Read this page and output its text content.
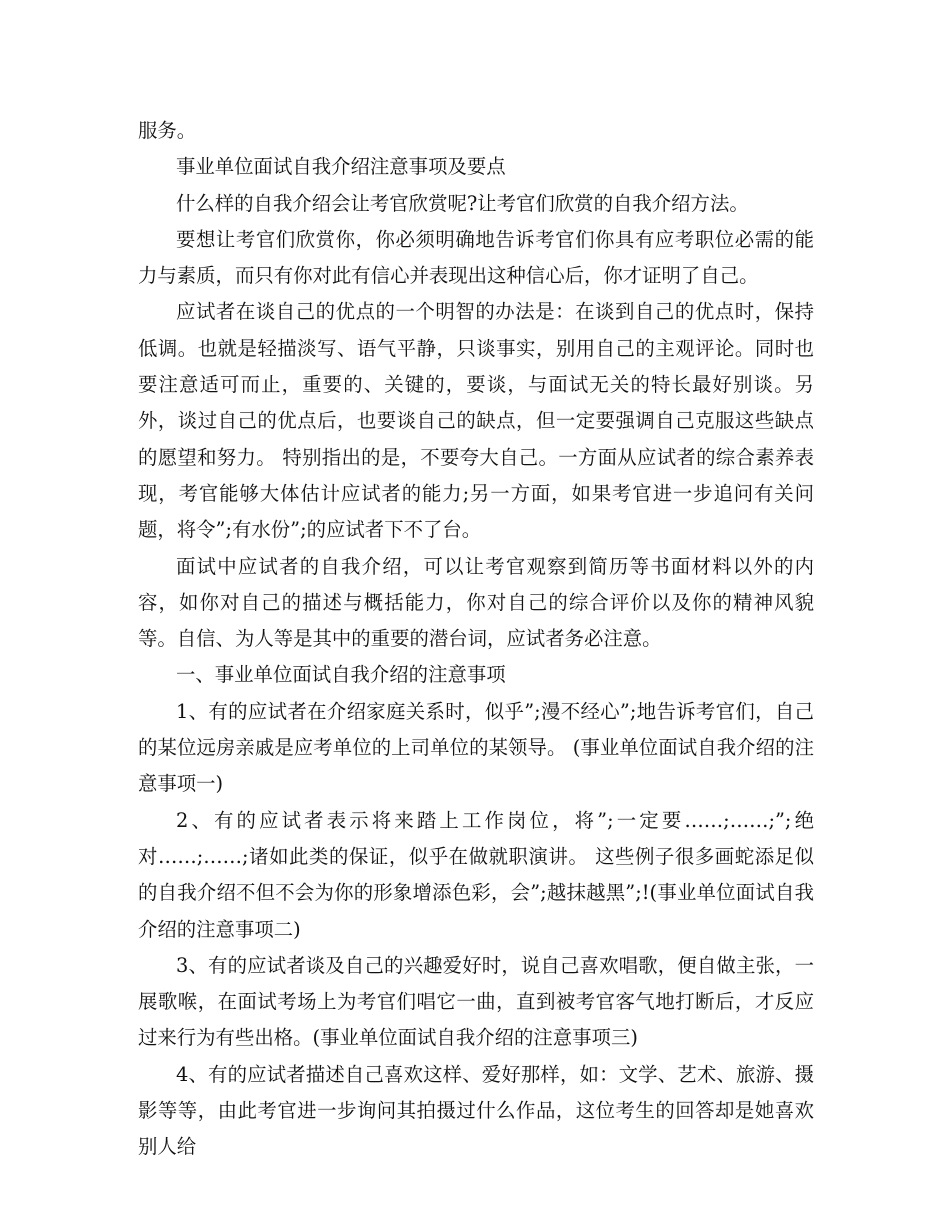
服务。

事业单位面试自我介绍注意事项及要点

什么样的自我介绍会让考官欣赏呢?让考官们欣赏的自我介绍方法。

要想让考官们欣赏你，你必须明确地告诉考官们你具有应考职位必需的能力与素质，而只有你对此有信心并表现出这种信心后，你才证明了自己。

应试者在谈自己的优点的一个明智的办法是：在谈到自己的优点时，保持低调。也就是轻描淡写、语气平静，只谈事实，别用自己的主观评论。同时也要注意适可而止，重要的、关键的，要谈，与面试无关的特长最好别谈。另外，谈过自己的优点后，也要谈自己的缺点，但一定要强调自己克服这些缺点的愿望和努力。 特别指出的是，不要夸大自己。一方面从应试者的综合素养表现，考官能够大体估计应试者的能力;另一方面，如果考官进一步追问有关问题，将令”;有水份”;的应试者下不了台。

面试中应试者的自我介绍，可以让考官观察到简历等书面材料以外的内容，如你对自己的描述与概括能力，你对自己的综合评价以及你的精神风貌等。自信、为人等是其中的重要的潜台词，应试者务必注意。

一、事业单位面试自我介绍的注意事项

1、有的应试者在介绍家庭关系时，似乎”;漫不经心”;地告诉考官们，自己的某位远房亲戚是应考单位的上司单位的某领导。 (事业单位面试自我介绍的注意事项一)

2、有的应试者表示将来踏上工作岗位，将”;一定要……;……;”;绝对……;……;诸如此类的保证，似乎在做就职演讲。 这些例子很多画蛇添足似的自我介绍不但不会为你的形象增添色彩，会”;越抹越黑”;!(事业单位面试自我介绍的注意事项二)

3、有的应试者谈及自己的兴趣爱好时，说自己喜欢唱歌，便自做主张，一展歌喉，在面试考场上为考官们唱它一曲，直到被考官客气地打断后，才反应过来行为有些出格。(事业单位面试自我介绍的注意事项三)

4、有的应试者描述自己喜欢这样、爱好那样，如：文学、艺术、旅游、摄影等等，由此考官进一步询问其拍摄过什么作品，这位考生的回答却是她喜欢别人给
